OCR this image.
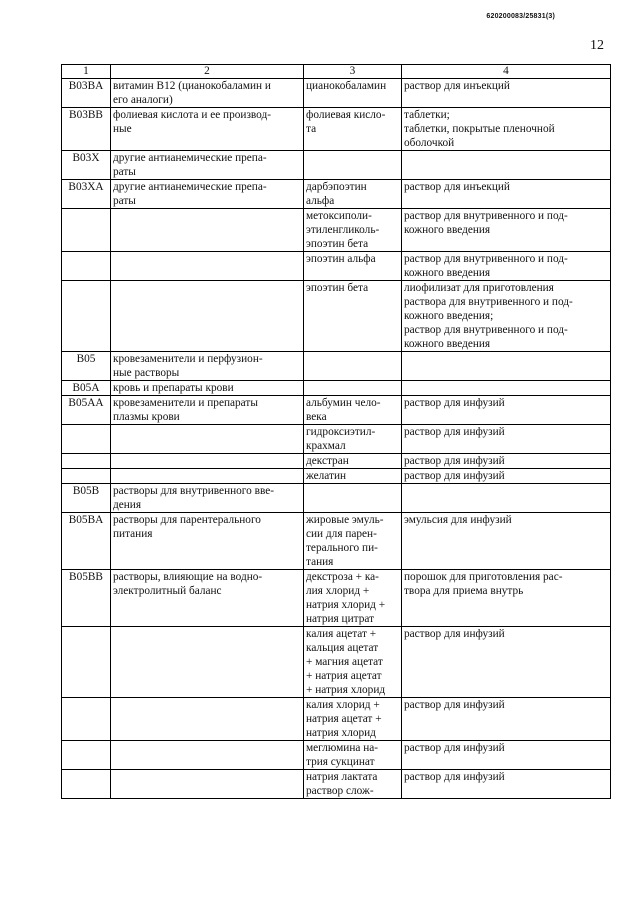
620200083/25831(3)
12
1	2	3	4
B03BA	витамин B12 (цианокобаламин и
его аналоги)	цианокобаламин	раствор для инъекций
B03BB	фолиевая кислота и ее производ-
ные	фолиевая кисло-
та	таблетки;
таблетки, покрытые пленочной
оболочкой
B03X	другие антианемические препа-
раты		
B03XA	другие антианемические препа-
раты	дарбэпоэтин
альфа	раствор для инъекций
		метоксиполи-
этиленгликоль-
эпоэтин бета	раствор для внутривенного и под-
кожного введения
		эпоэтин альфа	раствор для внутривенного и под-
кожного введения
		эпоэтин бета	лиофилизат для приготовления
раствора для внутривенного и под-
кожного введения;
раствор для внутривенного и под-
кожного введения
B05	кровезаменители и перфузион-
ные растворы		
B05A	кровь и препараты крови		
B05AA	кровезаменители и препараты
плазмы крови	альбумин чело-
века	раствор для инфузий
		гидроксиэтил-
крахмал	раствор для инфузий
		декстран	раствор для инфузий
		желатин	раствор для инфузий
B05B	растворы для внутривенного вве-
дения		
B05BA	растворы для парентерального
питания	жировые эмуль-
сии для парен-
терального пи-
тания	эмульсия для инфузий
B05BB	растворы, влияющие на водно-
электролитный баланс	декстроза + ка-
лия хлорид +
натрия хлорид +
натрия цитрат	порошок для приготовления рас-
твора для приема внутрь
		калия ацетат +
кальция ацетат
+ магния ацетат
+ натрия ацетат
+ натрия хлорид	раствор для инфузий
		калия хлорид +
натрия ацетат +
натрия хлорид	раствор для инфузий
		меглюмина на-
трия сукцинат	раствор для инфузий
		натрия лактата
раствор слож-	раствор для инфузий
